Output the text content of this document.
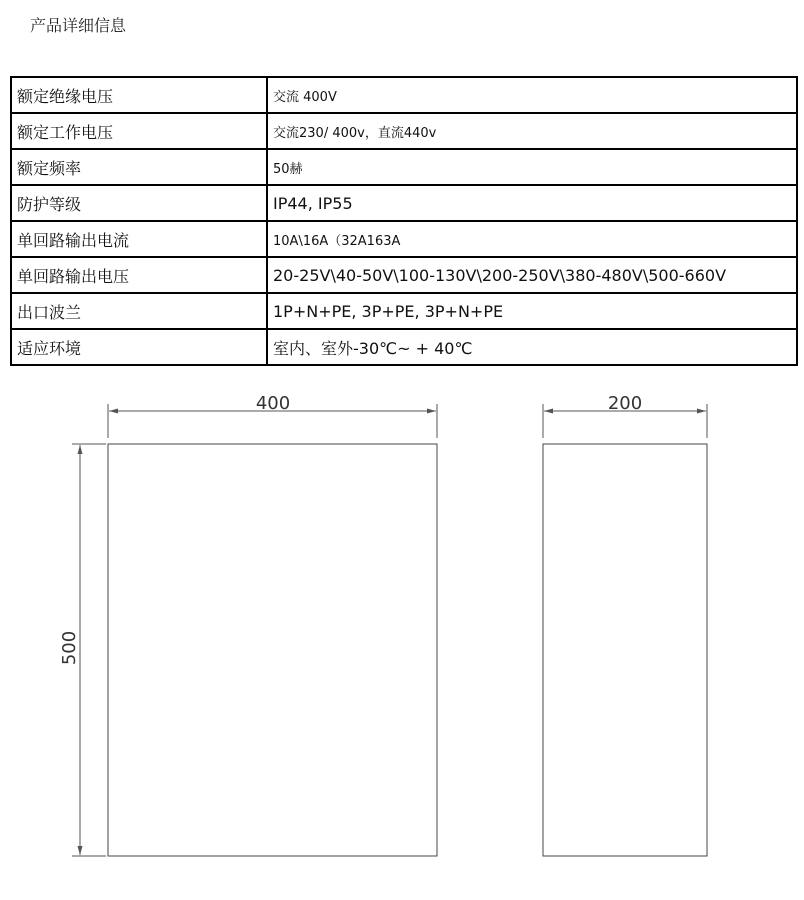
产品详细信息
额定绝缘电压	交流 400V
额定工作电压	交流230/ 400v，直流440v
额定频率	50赫
防护等级	IP44, IP55
单回路输出电流	10A\16A（32A163A
单回路输出电压	20-25V\40-50V\100-130V\200-250V\380-480V\500-660V
出口波兰	1P+N+PE, 3P+PE, 3P+N+PE
适应环境	室内、室外-30℃~ + 40℃
400
500
200
